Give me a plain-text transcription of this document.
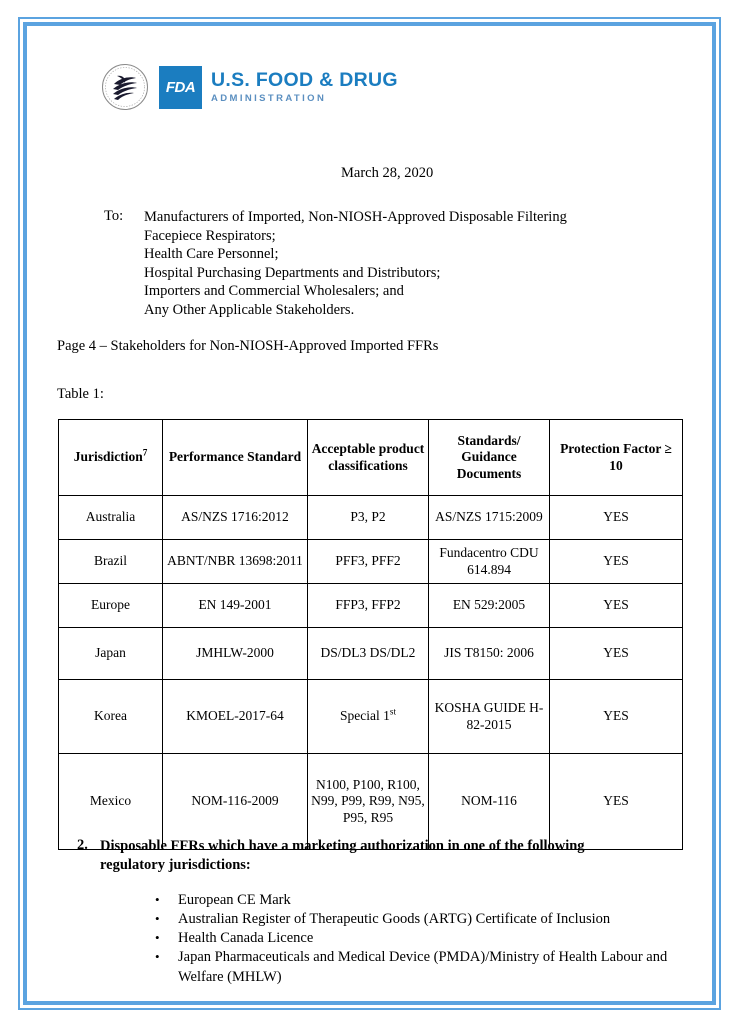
FDA U.S. FOOD & DRUG
ADMINISTRATION
March 28, 2020
To:	Manufacturers of Imported, Non-NIOSH-Approved Disposable Filtering Facepiece Respirators;
Health Care Personnel;
Hospital Purchasing Departments and Distributors;
Importers and Commercial Wholesalers; and
Any Other Applicable Stakeholders.
Page 4 – Stakeholders for Non-NIOSH-Approved Imported FFRs
Table 1:
Jurisdiction$^7$	Performance Standard	Acceptable product classifications	Standards/ Guidance Documents	Protection Factor ≥ 10
Australia	AS/NZS 1716:2012	P3, P2	AS/NZS 1715:2009	YES
Brazil	ABNT/NBR 13698:2011	PFF3, PFF2	Fundacentro CDU 614.894	YES
Europe	EN 149-2001	FFP3, FFP2	EN 529:2005	YES
Japan	JMHLW-2000	DS/DL3 DS/DL2	JIS T8150: 2006	YES
Korea	KMOEL-2017-64	Special 1st	KOSHA GUIDE H-82-2015	YES
Mexico	NOM-116-2009	N100, P100, R100, N99, P99, R99, N95, P95, R95	NOM-116	YES
2. Disposable FFRs which have a marketing authorization in one of the following regulatory jurisdictions:
• European CE Mark
• Australian Register of Therapeutic Goods (ARTG) Certificate of Inclusion
• Health Canada Licence
• Japan Pharmaceuticals and Medical Device (PMDA)/Ministry of Health Labour and Welfare (MHLW)
